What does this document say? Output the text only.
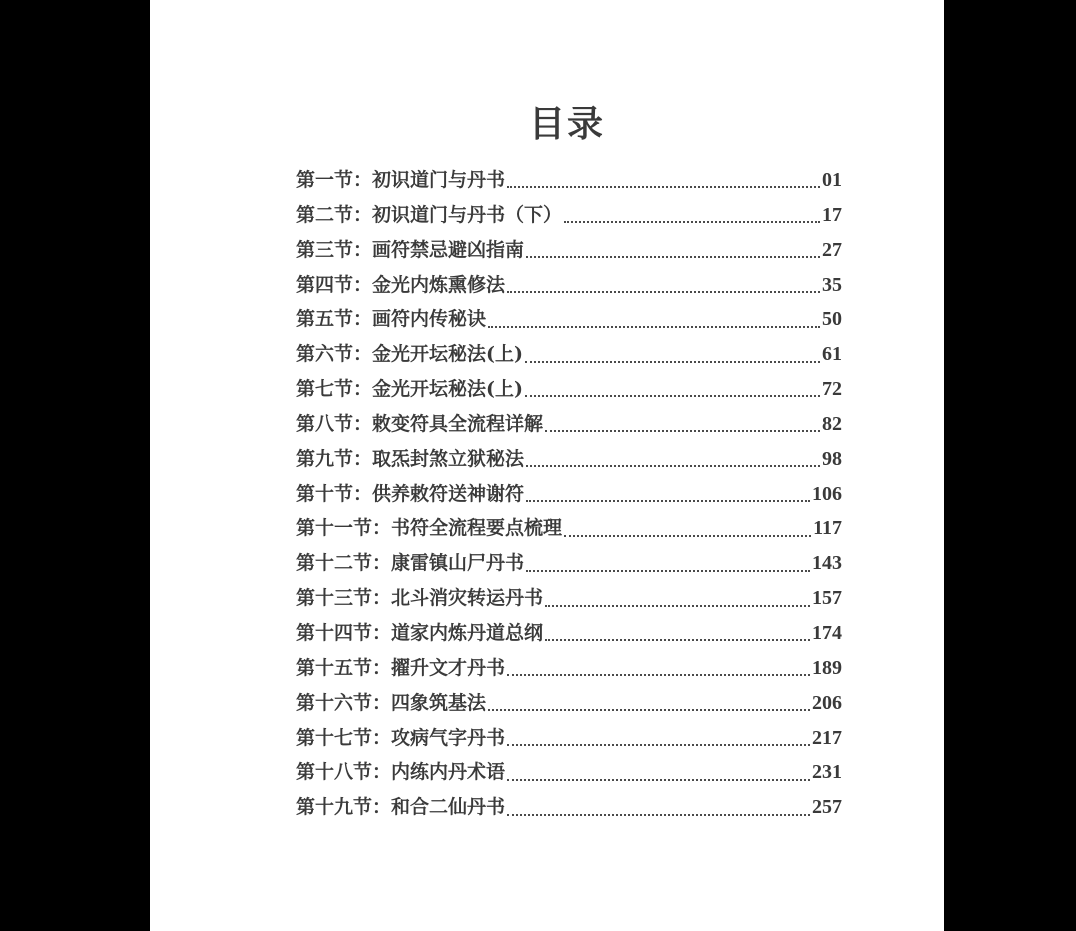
目录
第一节： 初识道门与丹书	01
第二节： 初识道门与丹书（下）	17
第三节： 画符禁忌避凶指南	27
第四节： 金光内炼熏修法	35
第五节： 画符内传秘诀	50
第六节： 金光开坛秘法(上)	61
第七节： 金光开坛秘法(上)	72
第八节： 敕变符具全流程详解	82
第九节： 取炁封煞立狱秘法	98
第十节： 供养敕符送神谢符	106
第十一节： 书符全流程要点梳理	117
第十二节： 康雷镇山尸丹书	143
第十三节： 北斗消灾转运丹书	157
第十四节： 道家内炼丹道总纲	174
第十五节： 擢升文才丹书	189
第十六节： 四象筑基法	206
第十七节： 攻病气字丹书	217
第十八节： 内练内丹术语	231
第十九节： 和合二仙丹书	257
